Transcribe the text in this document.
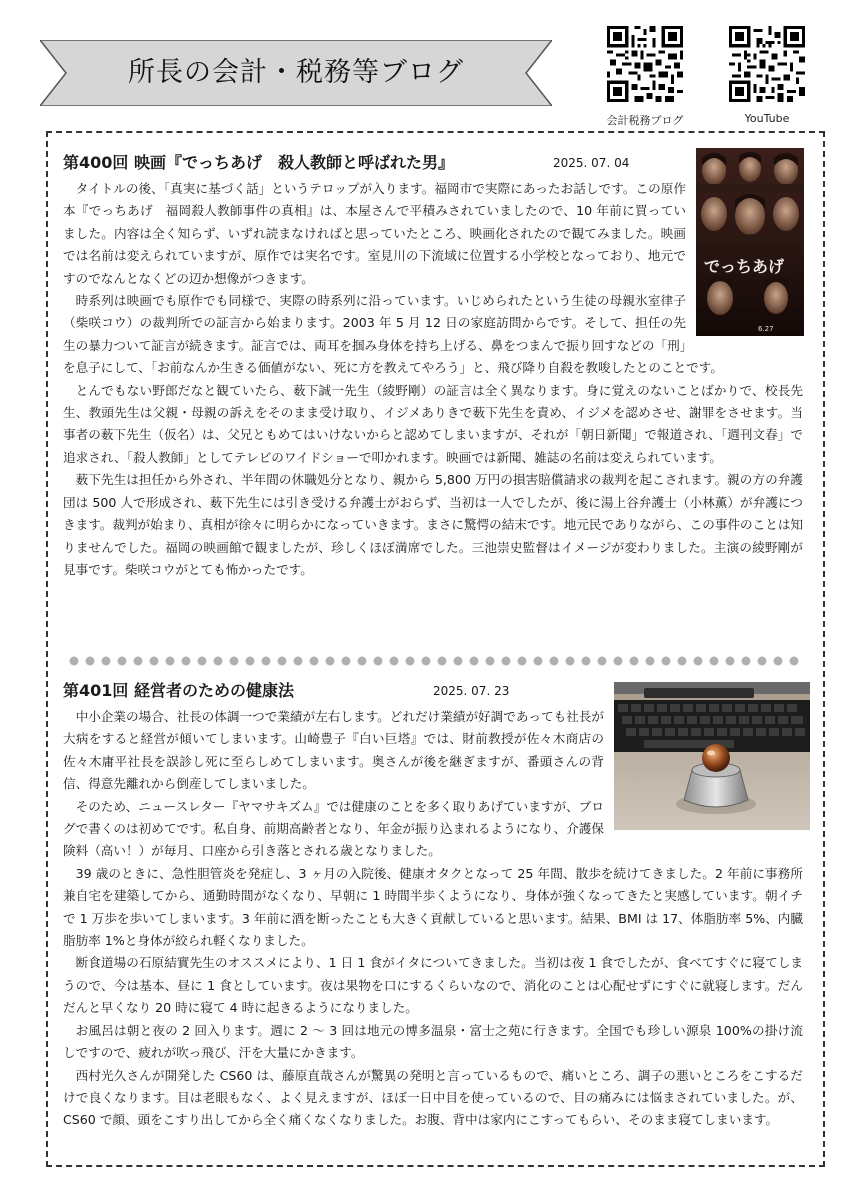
所長の会計・税務等ブログ
会計税務ブログ	YouTube
第400回 映画『でっちあげ　殺人教師と呼ばれた男』	2025. 07. 04
でっちあげ
6.27

タイトルの後、「真実に基づく話」というテロップが入ります。福岡市で実際にあったお話しです。この原作本『でっちあげ　福岡殺人教師事件の真相』は、本屋さんで平積みされていましたので、10 年前に買っていました。内容は全く知らず、いずれ読まなければと思っていたところ、映画化されたので観てみました。映画では名前は変えられていますが、原作では実名です。室見川の下流域に位置する小学校となっており、地元ですのでなんとなくどの辺か想像がつきます。

時系列は映画でも原作でも同様で、実際の時系列に沿っています。いじめられたという生徒の母親氷室律子（柴咲コウ）の裁判所での証言から始まります。2003 年 5 月 12 日の家庭訪問からです。そして、担任の先生の暴力ついて証言が続きます。証言では、両耳を掴み身体を持ち上げる、鼻をつまんで振り回すなどの「刑」を息子にして、「お前なんか生きる価値がない、死に方を教えてやろう」と、飛び降り自殺を教唆したとのことです。

とんでもない野郎だなと観ていたら、薮下誠一先生（綾野剛）の証言は全く異なります。身に覚えのないことばかりで、校長先生、教頭先生は父親・母親の訴えをそのまま受け取り、イジメありきで薮下先生を責め、イジメを認めさせ、謝罪をさせます。当事者の薮下先生（仮名）は、父兄ともめてはいけないからと認めてしまいますが、それが「朝日新聞」で報道され、「週刊文春」で追求され、「殺人教師」としてテレビのワイドショーで叩かれます。映画では新聞、雑誌の名前は変えられています。

薮下先生は担任から外され、半年間の休職処分となり、親から 5,800 万円の損害賠償請求の裁判を起こされます。親の方の弁護団は 500 人で形成され、薮下先生には引き受ける弁護士がおらず、当初は一人でしたが、後に湯上谷弁護士（小林薫）が弁護につきます。裁判が始まり、真相が徐々に明らかになっていきます。まさに驚愕の結末です。地元民でありながら、この事件のことは知りませんでした。福岡の映画館で観ましたが、珍しくほぼ満席でした。三池崇史監督はイメージが変わりました。主演の綾野剛が見事です。柴咲コウがとても怖かったです。

第401回 経営者のための健康法	2025. 07. 23

中小企業の場合、社長の体調一つで業績が左右します。どれだけ業績が好調であっても社長が大病をすると経営が傾いてしまいます。山崎豊子『白い巨塔』では、財前教授が佐々木商店の佐々木庸平社長を誤診し死に至らしめてしまいます。奥さんが後を継ぎますが、番頭さんの背信、得意先離れから倒産してしまいました。

そのため、ニュースレター『ヤマサキズム』では健康のことを多く取りあげていますが、ブログで書くのは初めてです。私自身、前期高齢者となり、年金が振り込まれるようになり、介護保険料（高い！）が毎月、口座から引き落とされる歳となりました。

39 歳のときに、急性胆管炎を発症し、3 ヶ月の入院後、健康オタクとなって 25 年間、散歩を続けてきました。2 年前に事務所兼自宅を建築してから、通勤時間がなくなり、早朝に 1 時間半歩くようになり、身体が強くなってきたと実感しています。朝イチで 1 万歩を歩いてしまいます。3 年前に酒を断ったことも大きく貢献していると思います。結果、BMI は 17、体脂肪率 5%、内臓脂肪率 1%と身体が絞られ軽くなりました。

断食道場の石原結實先生のオススメにより、1 日 1 食がイタについてきました。当初は夜 1 食でしたが、食べてすぐに寝てしまうので、今は基本、昼に 1 食としています。夜は果物を口にするくらいなので、消化のことは心配せずにすぐに就寝します。だんだんと早くなり 20 時に寝て 4 時に起きるようになりました。

お風呂は朝と夜の 2 回入ります。週に 2 〜 3 回は地元の博多温泉・富士之苑に行きます。全国でも珍しい源泉 100%の掛け流しですので、疲れが吹っ飛び、汗を大量にかきます。

西村光久さんが開発した CS60 は、藤原直哉さんが驚異の発明と言っているもので、痛いところ、調子の悪いところをこするだけで良くなります。目は老眼もなく、よく見えますが、ほぼ一日中目を使っているので、目の痛みには悩まされていました。が、CS60 で顔、頭をこすり出してから全く痛くなくなりました。お腹、背中は家内にこすってもらい、そのまま寝てしまいます。
